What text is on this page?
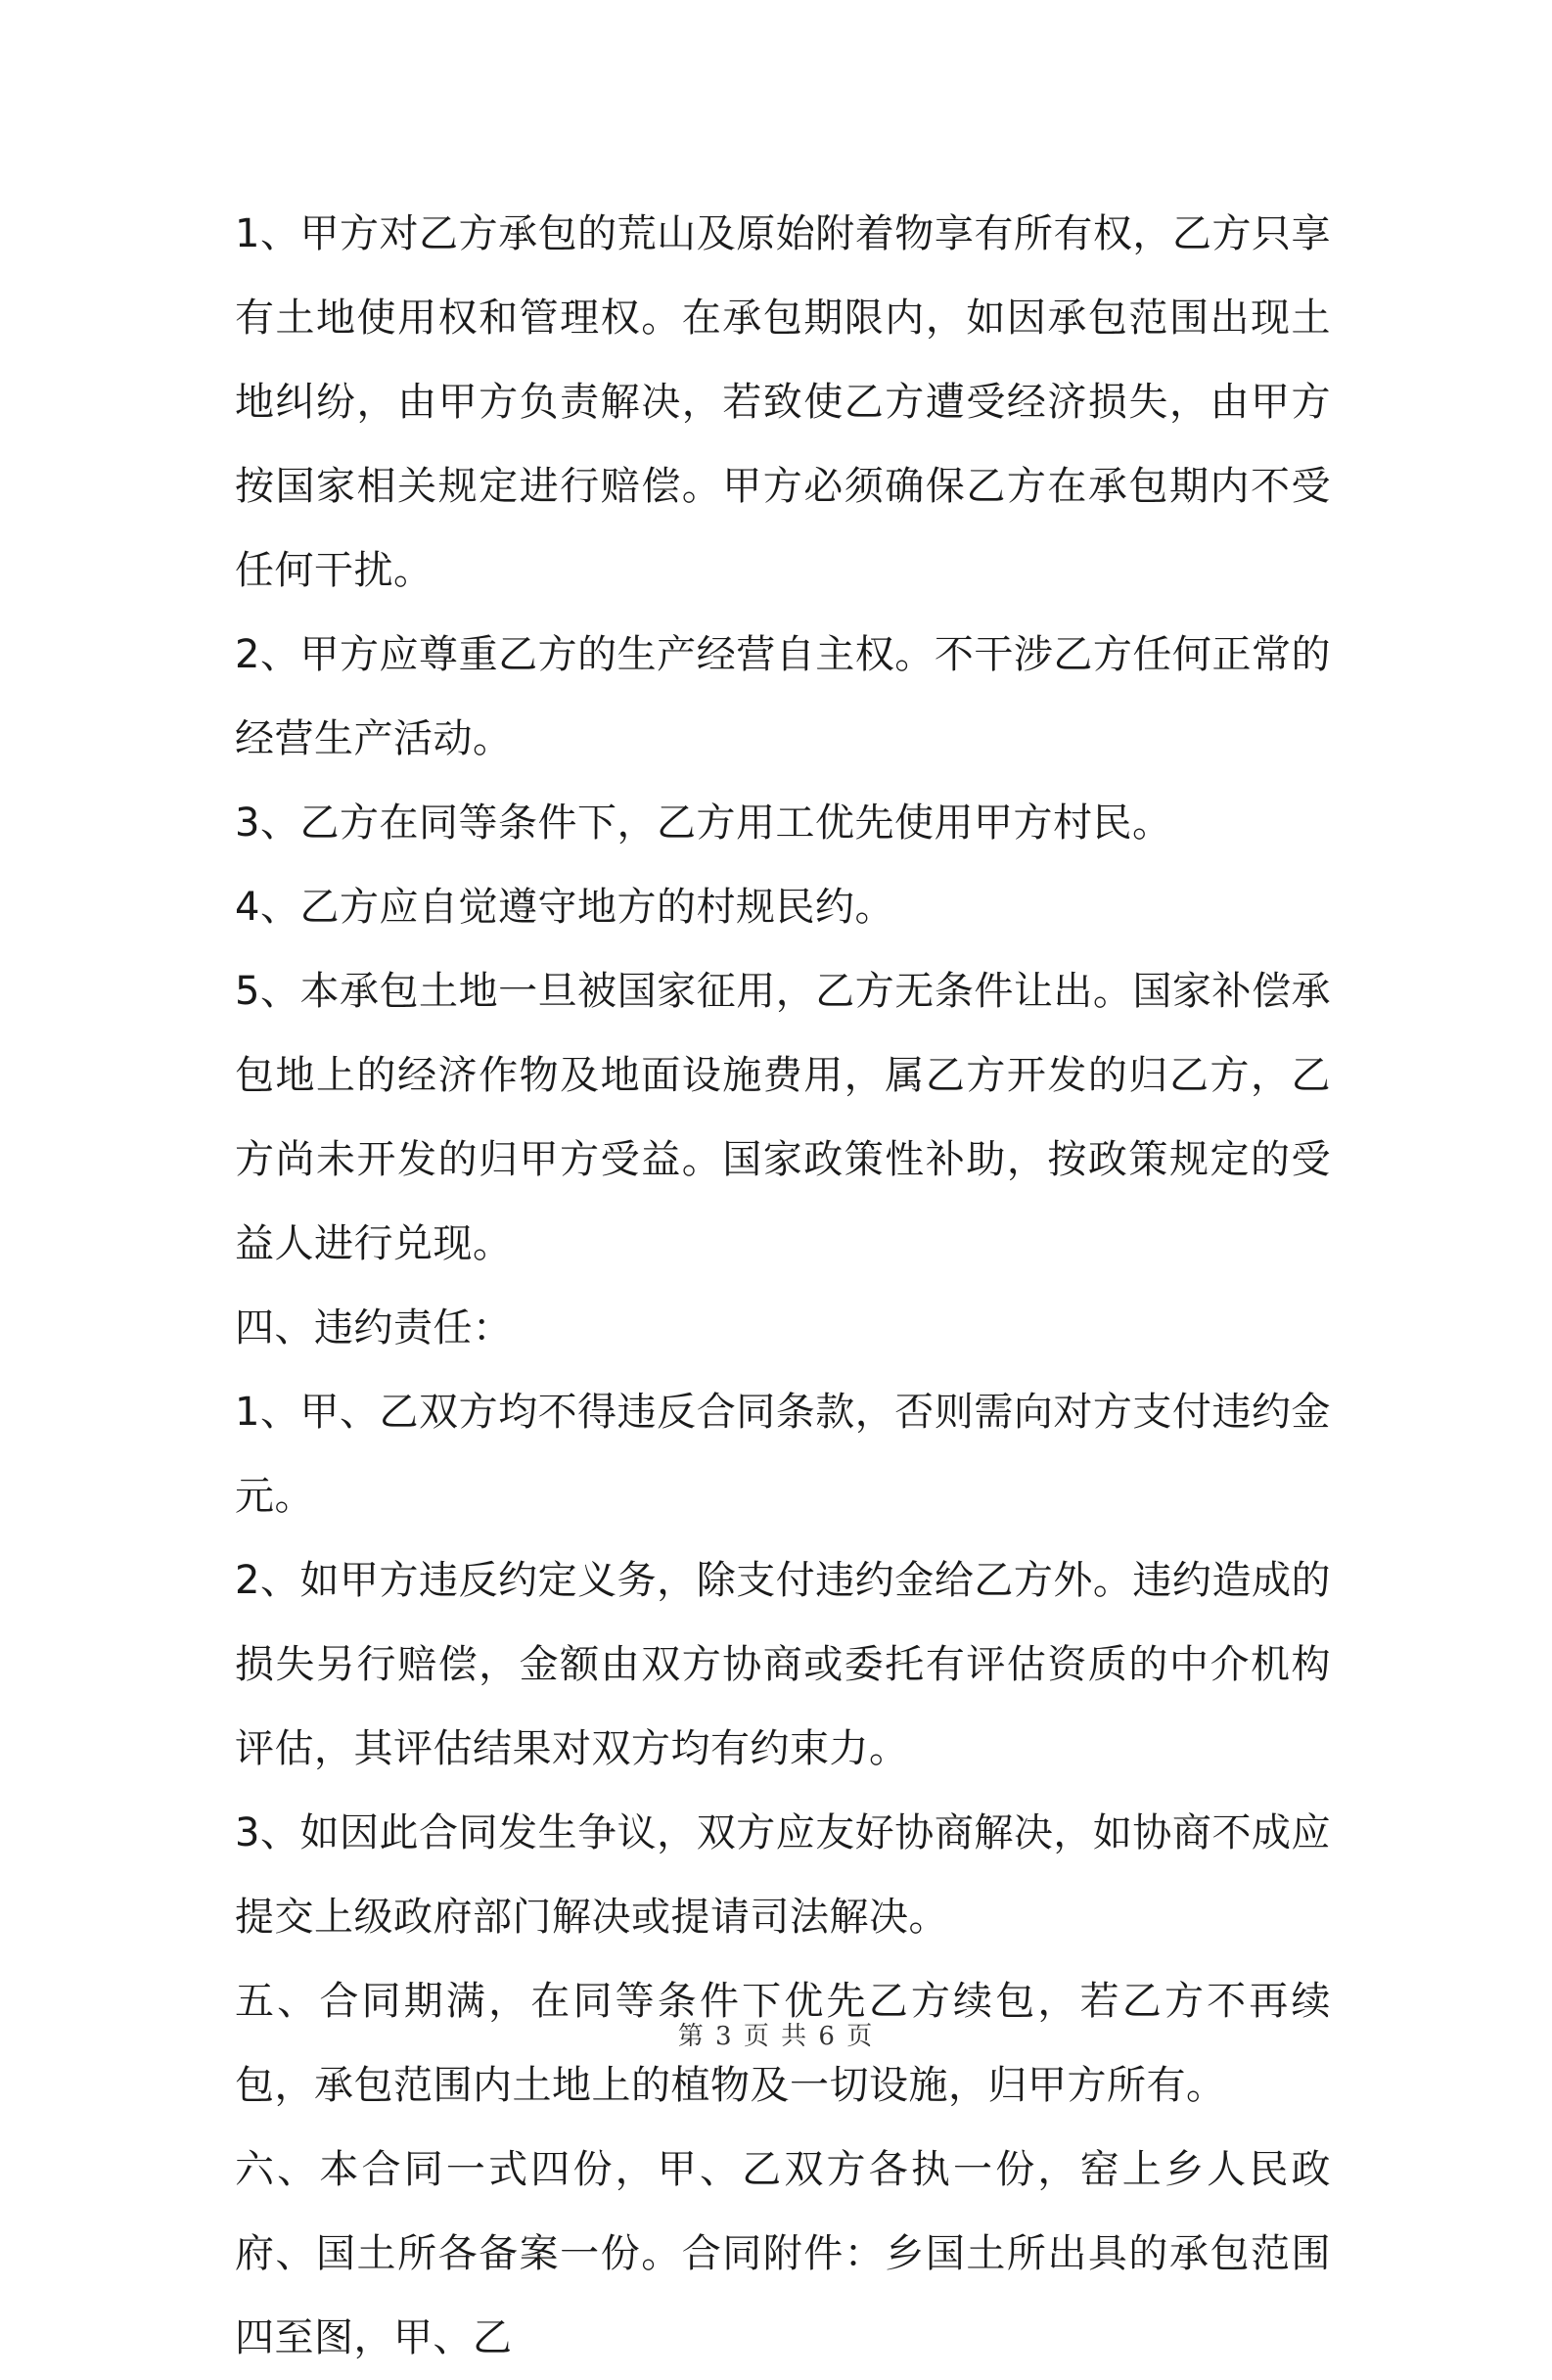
1、甲方对乙方承包的荒山及原始附着物享有所有权，乙方只享有土地使用权和管理权。在承包期限内，如因承包范围出现土地纠纷，由甲方负责解决，若致使乙方遭受经济损失，由甲方按国家相关规定进行赔偿。甲方必须确保乙方在承包期内不受任何干扰。

2、甲方应尊重乙方的生产经营自主权。不干涉乙方任何正常的经营生产活动。

3、乙方在同等条件下，乙方用工优先使用甲方村民。

4、乙方应自觉遵守地方的村规民约。

5、本承包土地一旦被国家征用，乙方无条件让出。国家补偿承包地上的经济作物及地面设施费用，属乙方开发的归乙方，乙方尚未开发的归甲方受益。国家政策性补助，按政策规定的受益人进行兑现。

四、违约责任：

1、甲、乙双方均不得违反合同条款，否则需向对方支付违约金元。

2、如甲方违反约定义务，除支付违约金给乙方外。违约造成的损失另行赔偿，金额由双方协商或委托有评估资质的中介机构评估，其评估结果对双方均有约束力。

3、如因此合同发生争议，双方应友好协商解决，如协商不成应提交上级政府部门解决或提请司法解决。

五、合同期满，在同等条件下优先乙方续包，若乙方不再续包，承包范围内土地上的植物及一切设施，归甲方所有。

六、本合同一式四份，甲、乙双方各执一份，窑上乡人民政府、国土所各备案一份。合同附件：乡国土所出具的承包范围四至图，甲、乙

第 3 页 共 6 页
